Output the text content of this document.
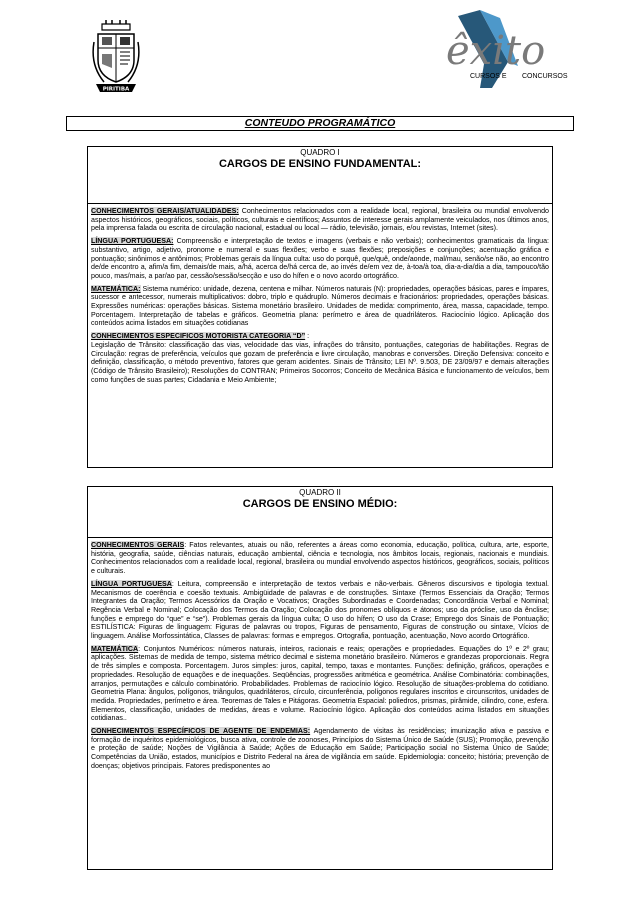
PIRITIBA
êxito
CURSOS E CONCURSOS
CONTEUDO PROGRAMÁTICO
QUADRO I
CARGOS DE ENSINO FUNDAMENTAL:

CONHECIMENTOS GERAIS/ATUALIDADES: Conhecimentos relacionados com a realidade local, regional, brasileira ou mundial envolvendo aspectos históricos, geográficos, sociais, políticos, culturais e científicos; Assuntos de interesse gerais amplamente veiculados, nos últimos anos, pela imprensa falada ou escrita de circulação nacional, estadual ou local — rádio, televisão, jornais, e/ou revistas, Internet (sites).

LÍNGUA PORTUGUESA: Compreensão e interpretação de textos e imagens (verbais e não verbais); conhecimentos gramaticais da língua: substantivo, artigo, adjetivo, pronome e numeral e suas flexões; verbo e suas flexões; preposições e conjunções; acentuação gráfica e pontuação; sinônimos e antônimos; Problemas gerais da língua culta: uso do porquê, que/quê, onde/aonde, mal/mau, senão/se não, ao encontro de/de encontro a, afim/a fim, demais/de mais, a/há, acerca de/há cerca de, ao invés de/em vez de, à-toa/à toa, dia-a-dia/dia a dia, tampouco/tão pouco, mas/mais, a par/ao par, cessão/sessão/secção e uso do hífen e o novo acordo ortográfico.

MATEMÁTICA: Sistema numérico: unidade, dezena, centena e milhar. Números naturais (N): propriedades, operações básicas, pares e ímpares, sucessor e antecessor, numerais multiplicativos: dobro, triplo e quádruplo. Números decimais e fracionários: propriedades, operações básicas. Expressões numéricas: operações básicas. Sistema monetário brasileiro. Unidades de medida: comprimento, área, massa, capacidade, tempo. Porcentagem. Interpretação de tabelas e gráficos. Geometria plana: perímetro e área de quadriláteros. Raciocínio lógico. Aplicação dos conteúdos acima listados em situações cotidianas

CONHECIMENTOS ESPECIFICOS MOTORISTA CATEGORIA “D” :
Legislação de Trânsito: classificação das vias, velocidade das vias, infrações do trânsito, pontuações, categorias de habilitações. Regras de Circulação: regras de preferência, veículos que gozam de preferência e livre circulação, manobras e conversões. Direção Defensiva: conceito e definição, classificação, o método preventivo, fatores que geram acidentes. Sinais de Trânsito; LEI Nº. 9.503, DE 23/09/97 e demais alterações (Código de Trânsito Brasileiro); Resoluções do CONTRAN; Primeiros Socorros; Conceito de Mecânica Básica e funcionamento de veículos, bem como funções de suas partes; Cidadania e Meio Ambiente;

QUADRO II
CARGOS DE ENSINO MÉDIO:

CONHECIMENTOS GERAIS: Fatos relevantes, atuais ou não, referentes a áreas como economia, educação, política, cultura, arte, esporte, história, geografia, saúde, ciências naturais, educação ambiental, ciência e tecnologia, nos âmbitos locais, regionais, nacionais e mundiais. Conhecimentos relacionados com a realidade local, regional, brasileira ou mundial envolvendo aspectos históricos, geográficos, sociais, políticos e culturais.

LÍNGUA PORTUGUESA: Leitura, compreensão e interpretação de textos verbais e não-verbais. Gêneros discursivos e tipologia textual. Mecanismos de coerência e coesão textuais. Ambigüidade de palavras e de construções. Sintaxe (Termos Essenciais da Oração; Termos Integrantes da Oração; Termos Acessórios da Oração e Vocativos; Orações Subordinadas e Coordenadas; Concordância Verbal e Nominal; Regência Verbal e Nominal; Colocação dos Termos da Oração; Colocação dos pronomes oblíquos e átonos; uso da próclise, uso da ênclise; funções e emprego do “que” e “se”). Problemas gerais da língua culta; O uso do hífen; O uso da Crase; Emprego dos Sinais de Pontuação; ESTILÍSTICA: Figuras de linguagem: Figuras de palavras ou tropos, Figuras de pensamento, Figuras de construção ou sintaxe, Vícios de linguagem. Análise Morfossintática, Classes de palavras: formas e empregos. Ortografia, pontuação, acentuação, Novo acordo Ortográfico.

MATEMÁTICA: Conjuntos Numéricos: números naturais, inteiros, racionais e reais; operações e propriedades. Equações do 1º e 2º grau; aplicações. Sistemas de medida de tempo, sistema métrico decimal e sistema monetário brasileiro. Números e grandezas proporcionais. Regra de três simples e composta. Porcentagem. Juros simples: juros, capital, tempo, taxas e montantes. Funções: definição, gráficos, operações e propriedades. Resolução de equações e de inequações. Seqüências, progressões aritmética e geométrica. Análise Combinatória: combinações, arranjos, permutações e cálculo combinatório. Probabilidades. Problemas de raciocínio lógico. Resolução de situações-problema do cotidiano. Geometria Plana: ângulos, polígonos, triângulos, quadriláteros, círculo, circunferência, polígonos regulares inscritos e circunscritos, unidades de medida. Propriedades, perímetro e área. Teoremas de Tales e Pitágoras. Geometria Espacial: poliedros, prismas, pirâmide, cilindro, cone, esfera. Elementos, classificação, unidades de medidas, áreas e volume. Raciocínio lógico. Aplicação dos conteúdos acima listados em situações cotidianas..

CONHECIMENTOS ESPECÍFICOS DE AGENTE DE ENDEMIAS: Agendamento de visitas às residências; imunização ativa e passiva e formação de inquéritos epidemiológicos, busca ativa, controle de zoonoses, Princípios do Sistema Único de Saúde (SUS); Promoção, prevenção e proteção de saúde; Noções de Vigilância à Saúde; Ações de Educação em Saúde; Participação social no Sistema Único de Saúde; Competências da União, estados, municípios e Distrito Federal na área de vigilância em saúde. Epidemiologia: conceito; história; prevenção de doenças; objetivos principais. Fatores predisponentes ao
